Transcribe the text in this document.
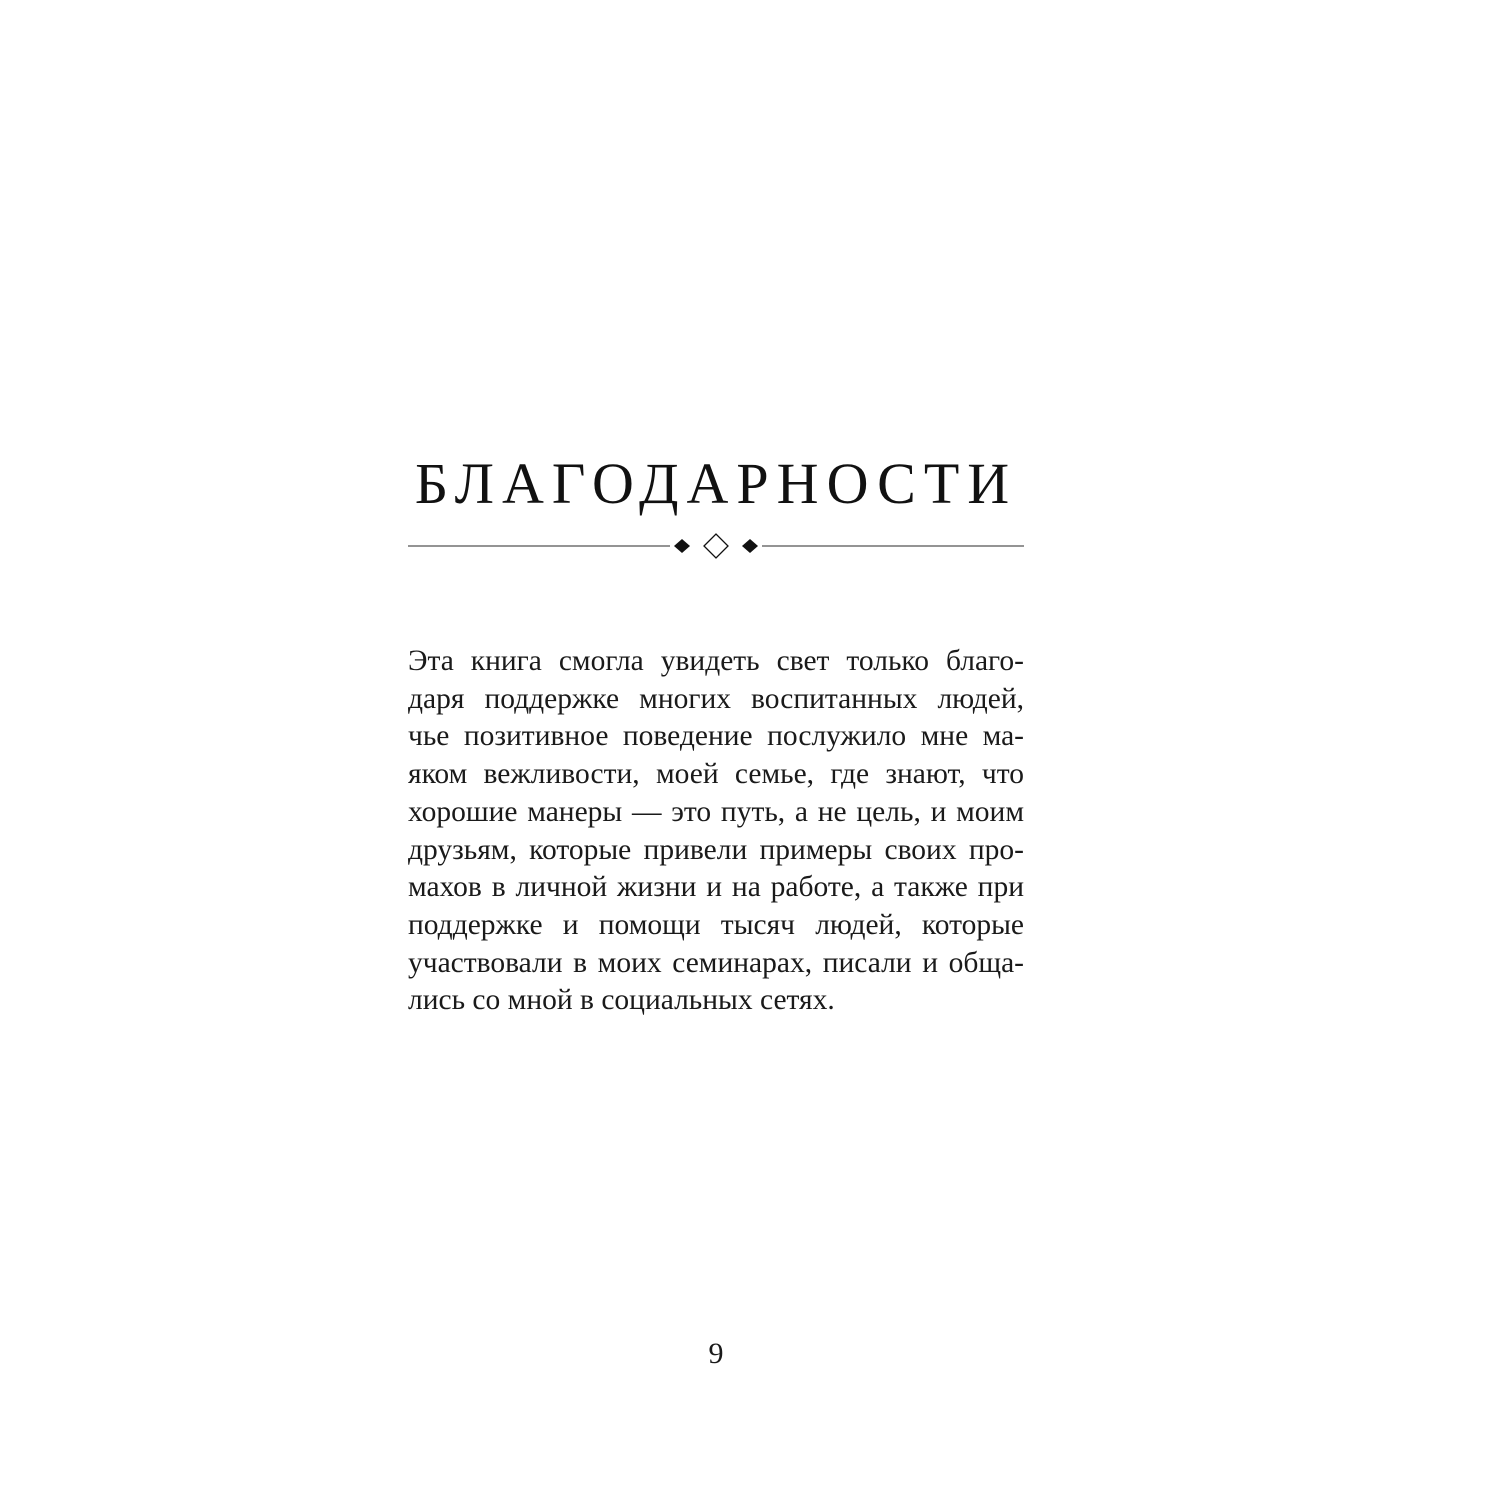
БЛАГОДАРНОСТИ

Эта книга смогла увидеть свет только благо-
даря поддержке многих воспитанных людей,
чье позитивное поведение послужило мне ма-
яком вежливости, моей семье, где знают, что
хорошие манеры — это путь, а не цель, и моим
друзьям, которые привели примеры своих про-
махов в личной жизни и на работе, а также при
поддержке и помощи тысяч людей, которые
участвовали в моих семинарах, писали и обща-
лись со мной в социальных сетях.

9
